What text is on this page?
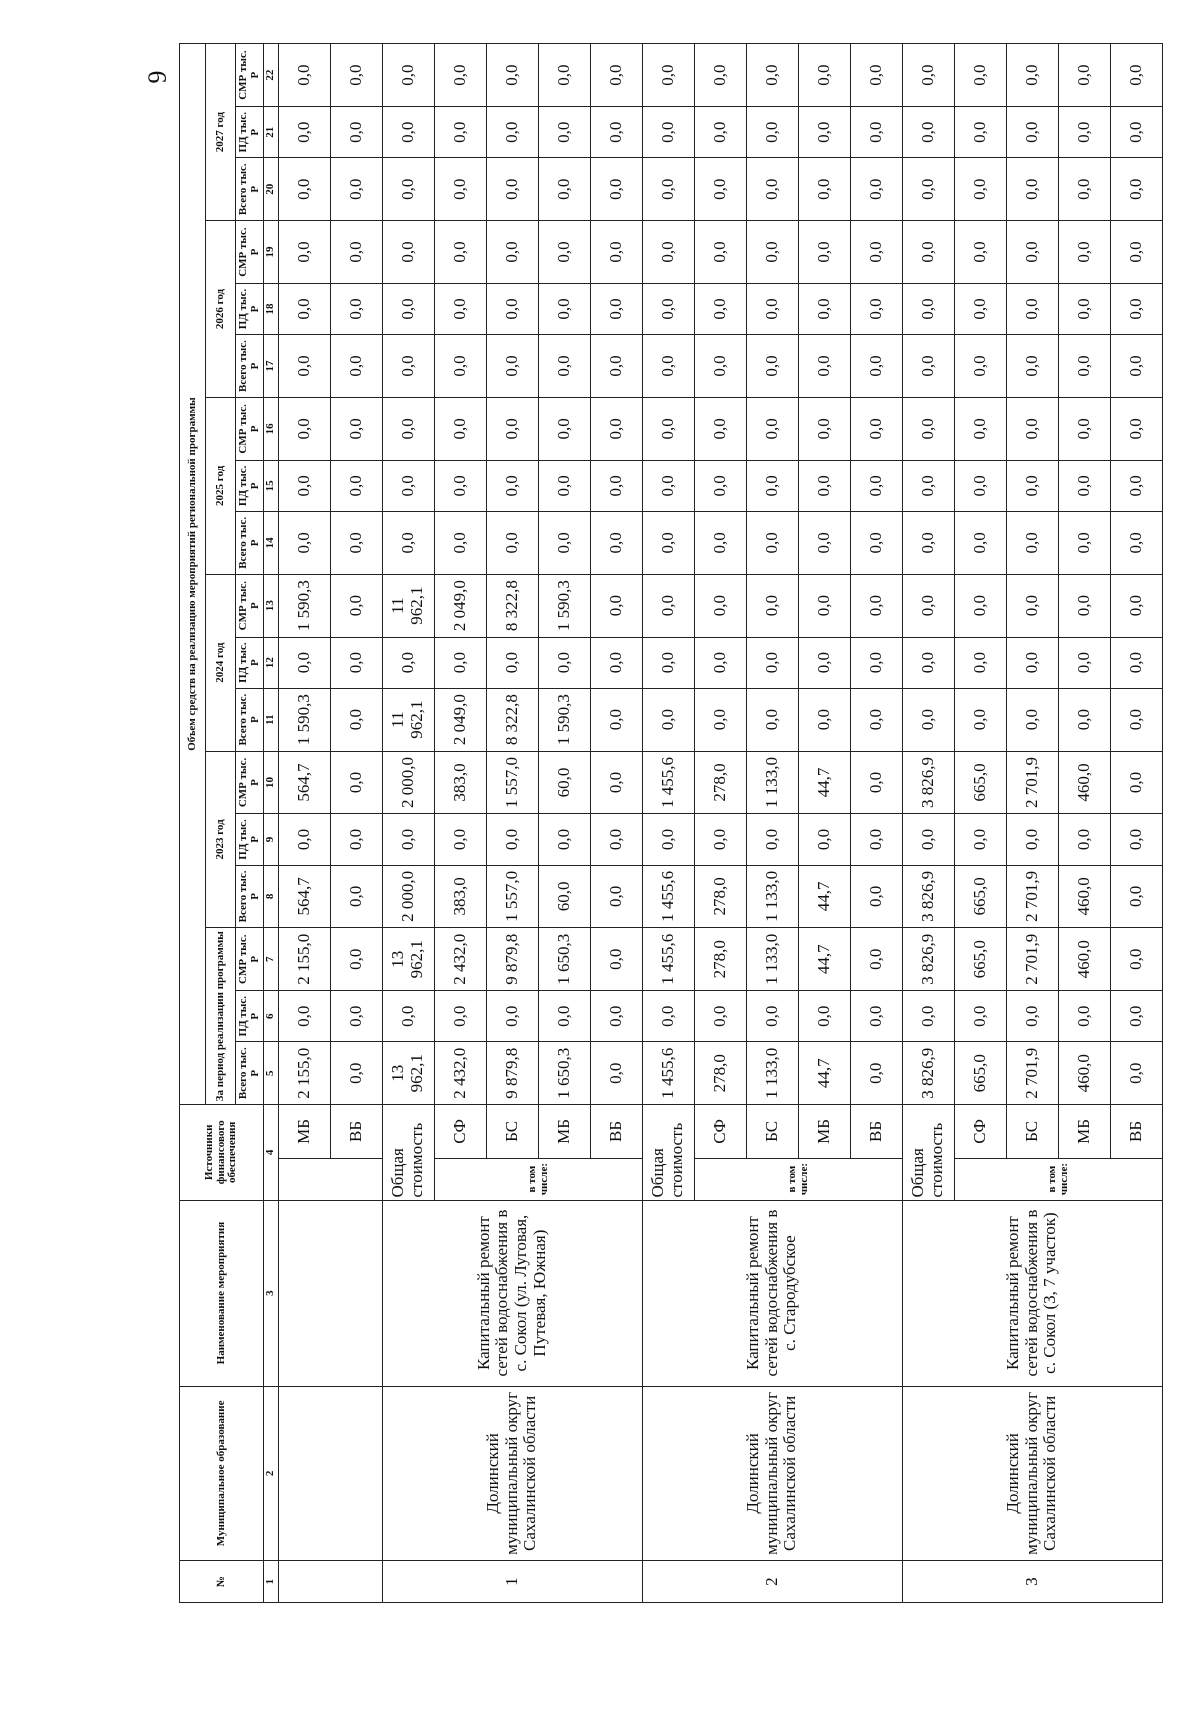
6
№	Муниципальное образование	Наименование мероприятия	Источники финансового обеспечения		Объем средств на реализацию мероприятий региональной программы																	
					За период реализации программы			2023 год			2024 год			2025 год			2026 год			2027 год		
					Всего тыс. Р	ПД тыс. Р	СМР тыс. Р	Всего тыс. Р	ПД тыс. Р	СМР тыс. Р	Всего тыс. Р	ПД тыс. Р	СМР тыс. Р	Всего тыс. Р	ПД тыс. Р	СМР тыс. Р	Всего тыс. Р	ПД тыс. Р	СМР тыс. Р	Всего тыс. Р	ПД тыс. Р	СМР тыс. Р
1	2	3	4		5	6	7	8	9	10	11	12	13	14	15	16	17	18	19	20	21	22
				МБ	2 155,0	0,0	2 155,0	564,7	0,0	564,7	1 590,3	0,0	1 590,3	0,0	0,0	0,0	0,0	0,0	0,0	0,0	0,0	0,0
				ВБ	0,0	0,0	0,0	0,0	0,0	0,0	0,0	0,0	0,0	0,0	0,0	0,0	0,0	0,0	0,0	0,0	0,0	0,0
1	Долинский муниципальный округ Сахалинской области	Капитальный ремонт сетей водоснабжения в с. Сокол (ул. Луговая, Путевая, Южная)	Общая стоимость		13 962,1	0,0	13 962,1	2 000,0	0,0	2 000,0	11 962,1	0,0	11 962,1	0,0	0,0	0,0	0,0	0,0	0,0	0,0	0,0	0,0
			в том числе:	СФ	2 432,0	0,0	2 432,0	383,0	0,0	383,0	2 049,0	0,0	2 049,0	0,0	0,0	0,0	0,0	0,0	0,0	0,0	0,0	0,0
				БС	9 879,8	0,0	9 879,8	1 557,0	0,0	1 557,0	8 322,8	0,0	8 322,8	0,0	0,0	0,0	0,0	0,0	0,0	0,0	0,0	0,0
				МБ	1 650,3	0,0	1 650,3	60,0	0,0	60,0	1 590,3	0,0	1 590,3	0,0	0,0	0,0	0,0	0,0	0,0	0,0	0,0	0,0
				ВБ	0,0	0,0	0,0	0,0	0,0	0,0	0,0	0,0	0,0	0,0	0,0	0,0	0,0	0,0	0,0	0,0	0,0	0,0
2	Долинский муниципальный округ Сахалинской области	Капитальный ремонт сетей водоснабжения в с. Стародубское	Общая стоимость		1 455,6	0,0	1 455,6	1 455,6	0,0	1 455,6	0,0	0,0	0,0	0,0	0,0	0,0	0,0	0,0	0,0	0,0	0,0	0,0
			в том числе:	СФ	278,0	0,0	278,0	278,0	0,0	278,0	0,0	0,0	0,0	0,0	0,0	0,0	0,0	0,0	0,0	0,0	0,0	0,0
				БС	1 133,0	0,0	1 133,0	1 133,0	0,0	1 133,0	0,0	0,0	0,0	0,0	0,0	0,0	0,0	0,0	0,0	0,0	0,0	0,0
				МБ	44,7	0,0	44,7	44,7	0,0	44,7	0,0	0,0	0,0	0,0	0,0	0,0	0,0	0,0	0,0	0,0	0,0	0,0
				ВБ	0,0	0,0	0,0	0,0	0,0	0,0	0,0	0,0	0,0	0,0	0,0	0,0	0,0	0,0	0,0	0,0	0,0	0,0
3	Долинский муниципальный округ Сахалинской области	Капитальный ремонт сетей водоснабжения в с. Сокол (3, 7 участок)	Общая стоимость		3 826,9	0,0	3 826,9	3 826,9	0,0	3 826,9	0,0	0,0	0,0	0,0	0,0	0,0	0,0	0,0	0,0	0,0	0,0	0,0
			в том числе:	СФ	665,0	0,0	665,0	665,0	0,0	665,0	0,0	0,0	0,0	0,0	0,0	0,0	0,0	0,0	0,0	0,0	0,0	0,0
				БС	2 701,9	0,0	2 701,9	2 701,9	0,0	2 701,9	0,0	0,0	0,0	0,0	0,0	0,0	0,0	0,0	0,0	0,0	0,0	0,0
				МБ	460,0	0,0	460,0	460,0	0,0	460,0	0,0	0,0	0,0	0,0	0,0	0,0	0,0	0,0	0,0	0,0	0,0	0,0
				ВБ	0,0	0,0	0,0	0,0	0,0	0,0	0,0	0,0	0,0	0,0	0,0	0,0	0,0	0,0	0,0	0,0	0,0	0,0
